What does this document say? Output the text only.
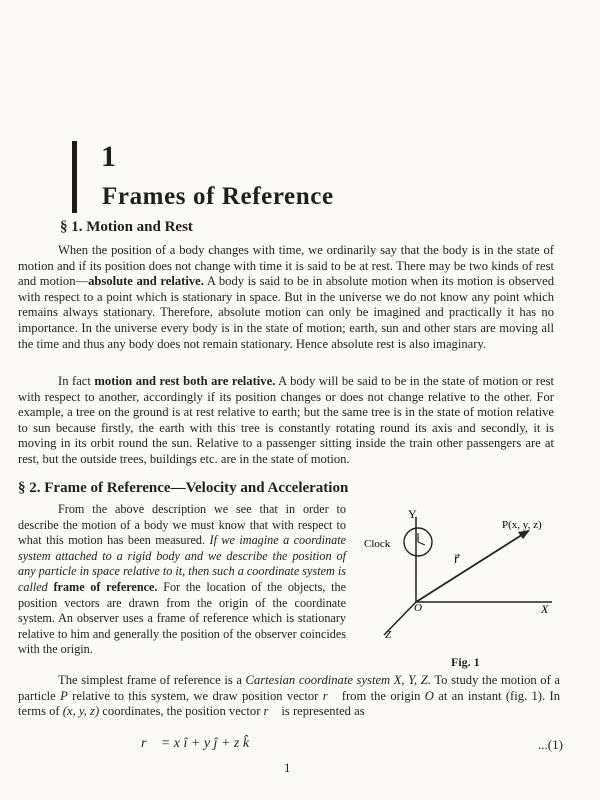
1
Frames of Reference
§ 1. Motion and Rest

When the position of a body changes with time, we ordinarily say that the body is in the state of motion and if its position does not change with time it is said to be at rest. There may be two kinds of rest and motion—absolute and relative. A body is said to be in absolute motion when its motion is observed with respect to a point which is stationary in space. But in the universe we do not know any point which remains always stationary. Therefore, absolute motion can only be imagined and practically it has no importance. In the universe every body is in the state of motion; earth, sun and other stars are moving all the time and thus any body does not remain stationary. Hence absolute rest is also imaginary.

In fact motion and rest both are relative. A body will be said to be in the state of motion or rest with respect to another, accordingly if its position changes or does not change relative to the other. For example, a tree on the ground is at rest relative to earth; but the same tree is in the state of motion relative to sun because firstly, the earth with this tree is constantly rotating round its axis and secondly, it is moving in its orbit round the sun. Relative to a passenger sitting inside the train other passengers are at rest, but the outside trees, buildings etc. are in the state of motion.

§ 2. Frame of Reference—Velocity and Acceleration

From the above description we see that in order to describe the motion of a body we must know that with respect to what this motion has been measured. If we imagine a coordinate system attached to a rigid body and we describe the position of any particle in space relative to it, then such a coordinate system is called frame of reference. For the location of the objects, the position vectors are drawn from the origin of the coordinate system. An observer uses a frame of reference which is stationary relative to him and generally the position of the observer coincides with the origin.

Y
X
Z
O
P(x, y, z)
r⃗
Clock
Fig. 1

The simplest frame of reference is a Cartesian coordinate system X, Y, Z. To study the motion of a particle P relative to this system, we draw position vector r⃗ from the origin O at an instant (fig. 1). In terms of (x, y, z) coordinates, the position vector r⃗ is represented as

r⃗ = x î + y ĵ + z k̂	...(1)
1
